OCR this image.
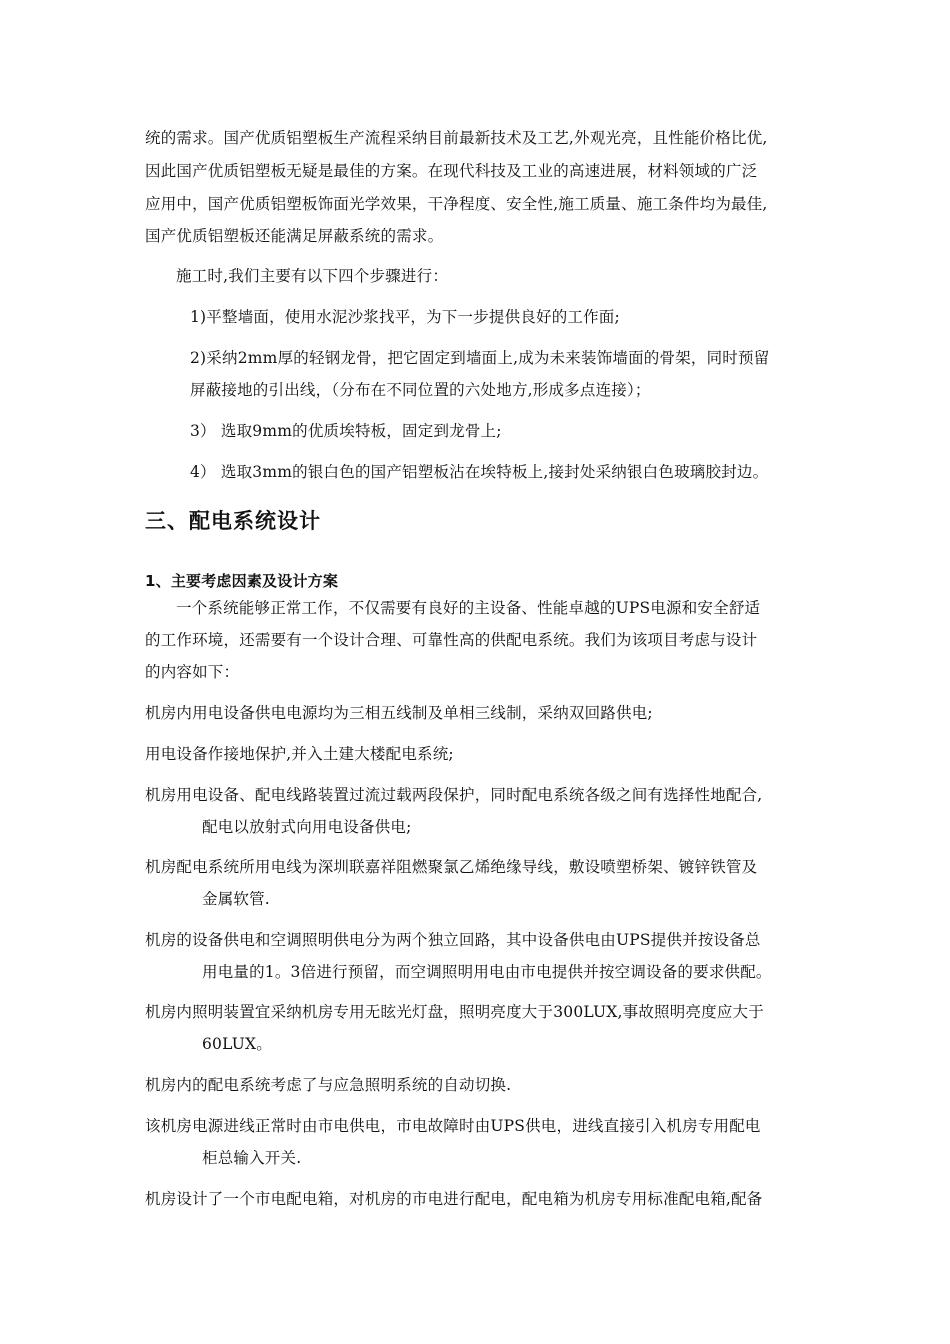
统的需求。国产优质铝塑板生产流程采纳目前最新技术及工艺,外观光亮，且性能价格比优,
因此国产优质铝塑板无疑是最佳的方案。在现代科技及工业的高速进展，材料领域的广泛
应用中，国产优质铝塑板饰面光学效果，干净程度、安全性,施工质量、施工条件均为最佳,
国产优质铝塑板还能满足屏蔽系统的需求。
施工时,我们主要有以下四个步骤进行：
1)平整墙面，使用水泥沙浆找平，为下一步提供良好的工作面;
2)采纳2mm厚的轻钢龙骨，把它固定到墙面上,成为未来装饰墙面的骨架，同时预留
屏蔽接地的引出线，（分布在不同位置的六处地方,形成多点连接）；
3） 选取9mm的优质埃特板，固定到龙骨上;
4） 选取3mm的银白色的国产铝塑板沾在埃特板上,接封处采纳银白色玻璃胶封边。
三、配电系统设计
1、主要考虑因素及设计方案
一个系统能够正常工作，不仅需要有良好的主设备、性能卓越的UPS电源和安全舒适
的工作环境，还需要有一个设计合理、可靠性高的供配电系统。我们为该项目考虑与设计
的内容如下：
机房内用电设备供电电源均为三相五线制及单相三线制，采纳双回路供电;
用电设备作接地保护,并入土建大楼配电系统;
机房用电设备、配电线路装置过流过载两段保护，同时配电系统各级之间有选择性地配合,
配电以放射式向用电设备供电;
机房配电系统所用电线为深圳联嘉祥阻燃聚氯乙烯绝缘导线，敷设喷塑桥架、镀锌铁管及
金属软管.
机房的设备供电和空调照明供电分为两个独立回路，其中设备供电由UPS提供并按设备总
用电量的1。3倍进行预留，而空调照明用电由市电提供并按空调设备的要求供配。
机房内照明装置宜采纳机房专用无眩光灯盘，照明亮度大于300LUX,事故照明亮度应大于
60LUX。
机房内的配电系统考虑了与应急照明系统的自动切换.
该机房电源进线正常时由市电供电，市电故障时由UPS供电，进线直接引入机房专用配电
柜总输入开关.
机房设计了一个市电配电箱，对机房的市电进行配电，配电箱为机房专用标准配电箱,配备
